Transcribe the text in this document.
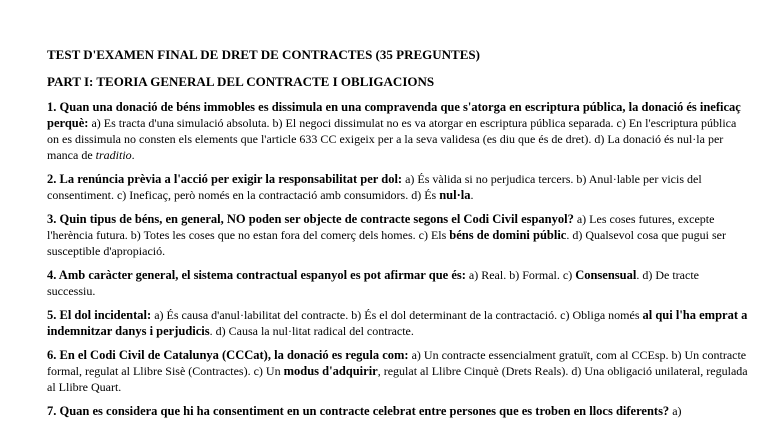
TEST D'EXAMEN FINAL DE DRET DE CONTRACTES (35 PREGUNTES)

PART I: TEORIA GENERAL DEL CONTRACTE I OBLIGACIONS

1. Quan una donació de béns immobles es dissimula en una compravenda que s'atorga en escriptura pública, la donació és ineficaç perquè: a) Es tracta d'una simulació absoluta. b) El negoci dissimulat no es va atorgar en escriptura pública separada. c) En l'escriptura pública on es dissimula no consten els elements que l'article 633 CC exigeix per a la seva validesa (es diu que és de dret). d) La donació és nul·la per manca de traditio.

2. La renúncia prèvia a l'acció per exigir la responsabilitat per dol: a) És vàlida si no perjudica tercers. b) Anul·lable per vicis del consentiment. c) Ineficaç, però només en la contractació amb consumidors. d) És nul·la.

3. Quin tipus de béns, en general, NO poden ser objecte de contracte segons el Codi Civil espanyol? a) Les coses futures, excepte l'herència futura. b) Totes les coses que no estan fora del comerç dels homes. c) Els béns de domini públic. d) Qualsevol cosa que pugui ser susceptible d'apropiació.

4. Amb caràcter general, el sistema contractual espanyol es pot afirmar que és: a) Real. b) Formal. c) Consensual. d) De tracte successiu.

5. El dol incidental: a) És causa d'anul·labilitat del contracte. b) És el dol determinant de la contractació. c) Obliga només al qui l'ha emprat a indemnitzar danys i perjudicis. d) Causa la nul·litat radical del contracte.

6. En el Codi Civil de Catalunya (CCCat), la donació es regula com: a) Un contracte essencialment gratuït, com al CCEsp. b) Un contracte formal, regulat al Llibre Sisè (Contractes). c) Un modus d'adquirir, regulat al Llibre Cinquè (Drets Reals). d) Una obligació unilateral, regulada al Llibre Quart.

7. Quan es considera que hi ha consentiment en un contracte celebrat entre persones que es troben en llocs diferents? a)
